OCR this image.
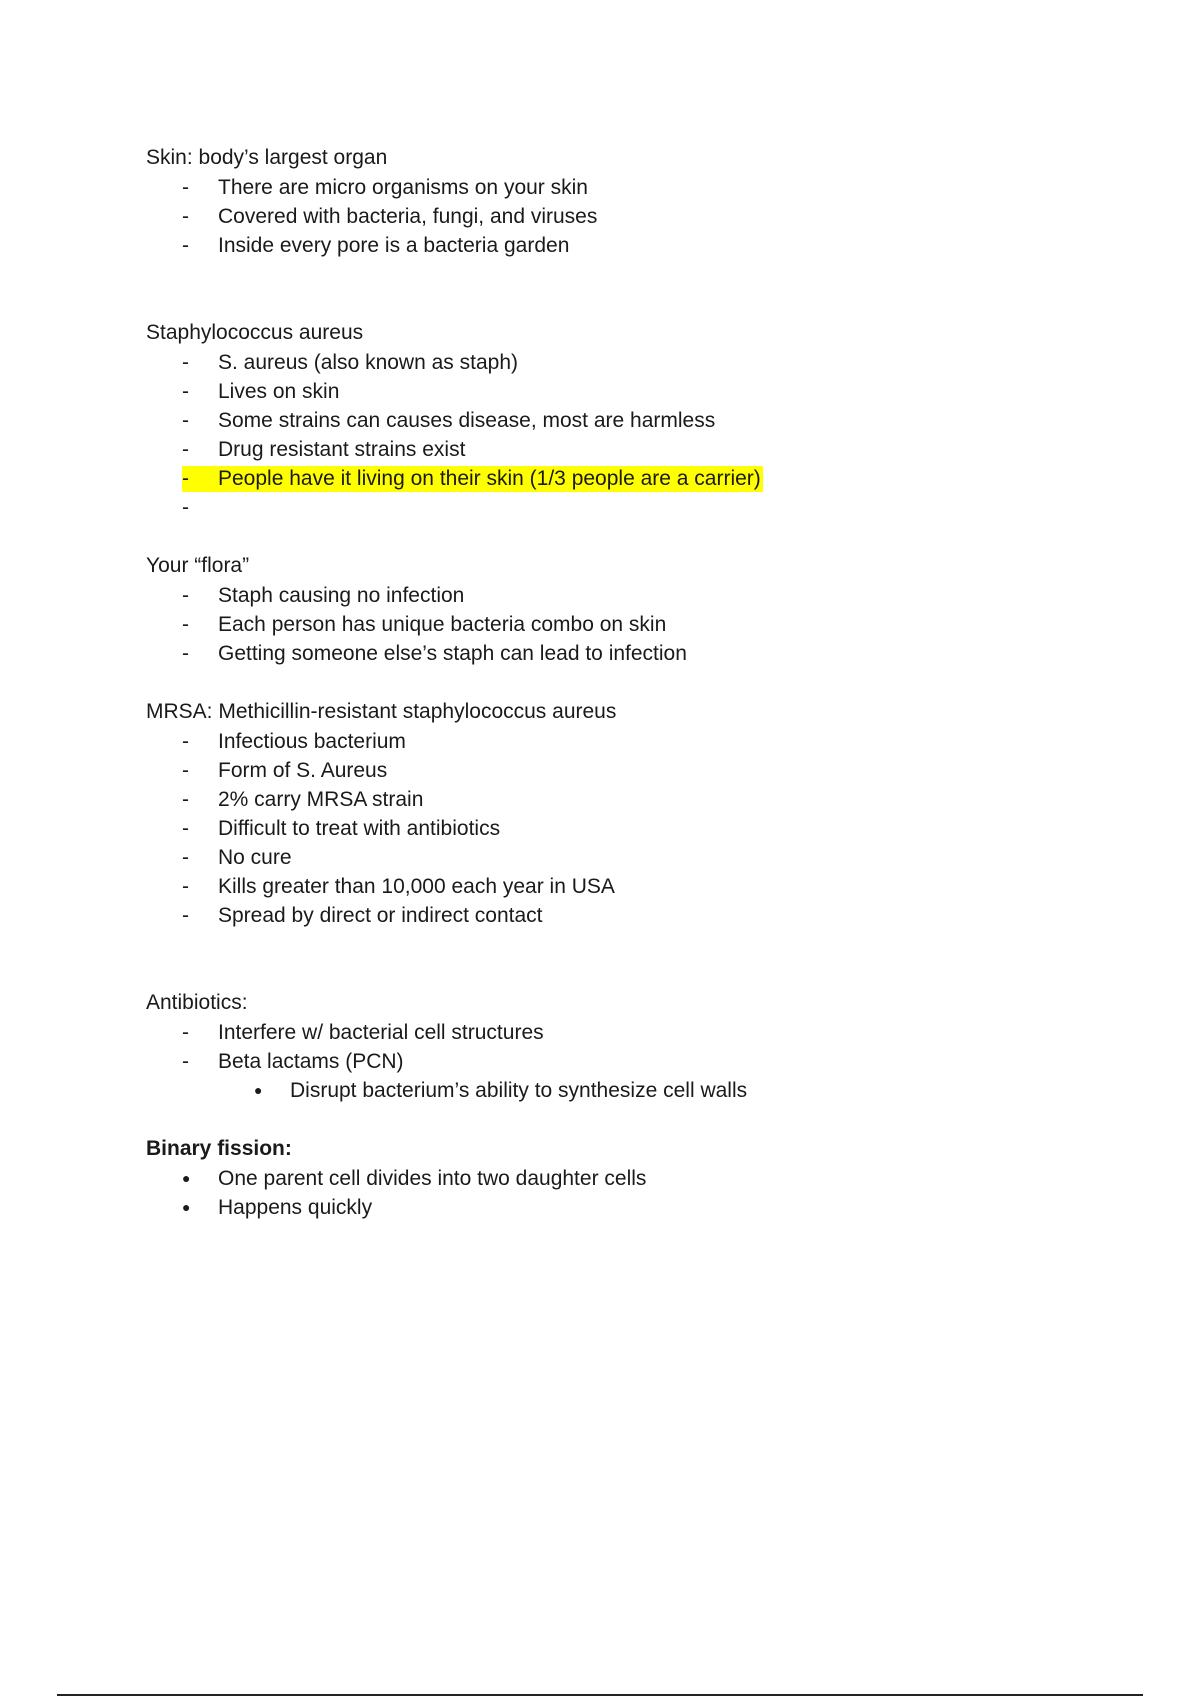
Skin: body’s largest organ
-
There are micro organisms on your skin
-
Covered with bacteria, fungi, and viruses
-
Inside every pore is a bacteria garden
Staphylococcus aureus
-
S. aureus (also known as staph)
-
Lives on skin
-
Some strains can causes disease, most are harmless
-
Drug resistant strains exist
-
People have it living on their skin (1/3 people are a carrier)
-
Your “flora”
-
Staph causing no infection
-
Each person has unique bacteria combo on skin
-
Getting someone else’s staph can lead to infection
MRSA: Methicillin-resistant staphylococcus aureus
-
Infectious bacterium
-
Form of S. Aureus
-
2% carry MRSA strain
-
Difficult to treat with antibiotics
-
No cure
-
Kills greater than 10,000 each year in USA
-
Spread by direct or indirect contact
Antibiotics:
-
Interfere w/ bacterial cell structures
-
Beta lactams (PCN)
●
Disrupt bacterium’s ability to synthesize cell walls
Binary fission:
●
One parent cell divides into two daughter cells
●
Happens quickly
